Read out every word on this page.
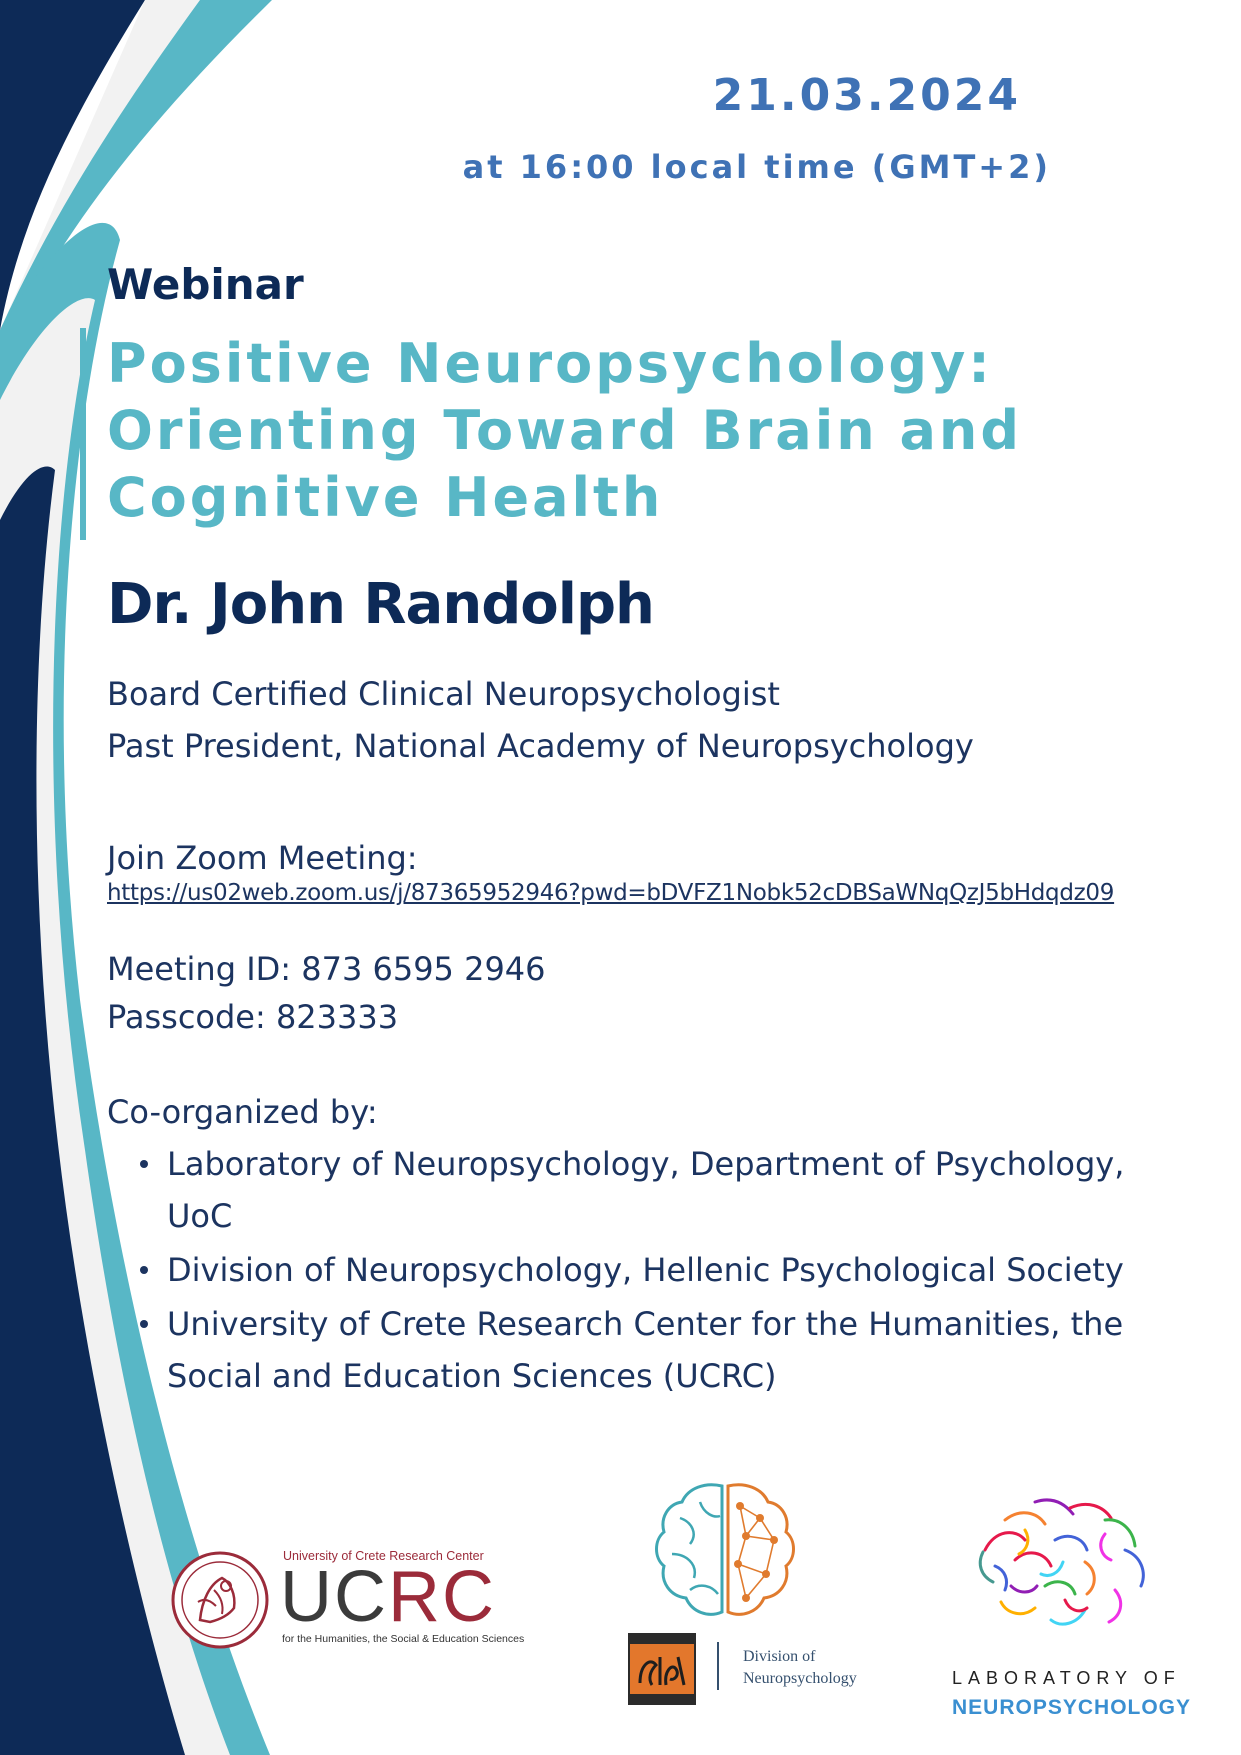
21.03.2024
at 16:00 local time (GMT+2)
Webinar
Positive Neuropsychology: Orienting Toward Brain and Cognitive Health
Dr. John Randolph
Board Certified Clinical Neuropsychologist
Past President, National Academy of Neuropsychology
Join Zoom Meeting:
https://us02web.zoom.us/j/87365952946?pwd=bDVFZ1Nobk52cDBSaWNqQzJ5bHdqdz09
Meeting ID: 873 6595 2946
Passcode: 823333
Co-organized by:
Laboratory of Neuropsychology, Department of Psychology, UoC
Division of Neuropsychology, Hellenic Psychological Society
University of Crete Research Center for the Humanities, the Social and Education Sciences (UCRC)
University of Crete Research Center
UCRC
for the Humanities, the Social & Education Sciences
Division of
Neuropsychology	LABORATORY OF
NEUROPSYCHOLOGY
